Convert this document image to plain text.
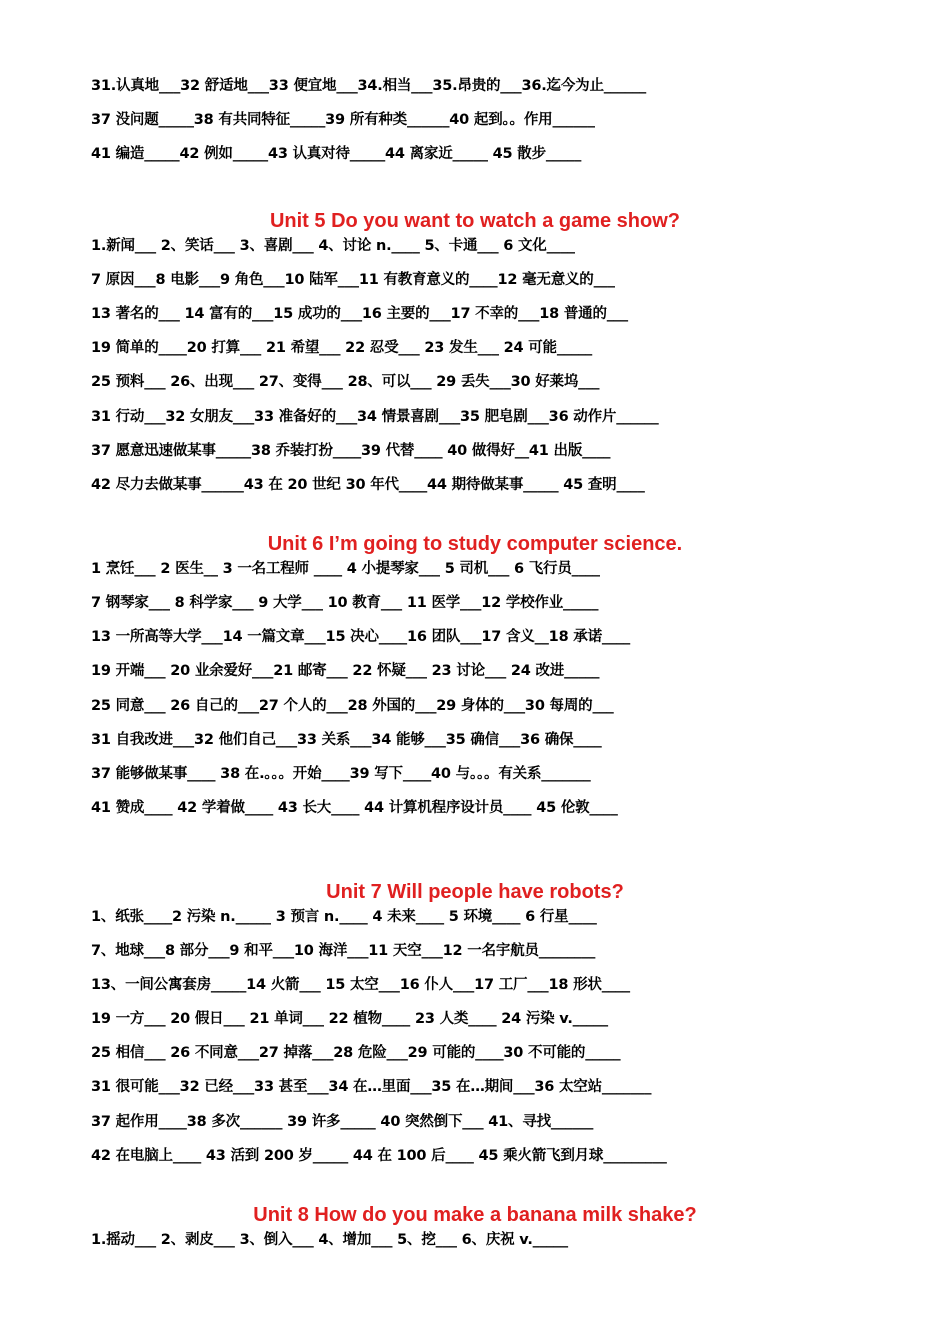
31.认真地___32 舒适地___33 便宜地___34.相当___35.昂贵的___36.迄今为止______
37 没问题_____38 有共同特征_____39 所有种类______40 起到。。作用______
41 编造_____42 例如_____43 认真对待_____44 离家近_____ 45 散步_____
Unit 5 Do you want to watch a game show?
1.新闻___ 2、笑话___ 3、喜剧___ 4、讨论 n.____ 5、卡通___ 6 文化____
7 原因___8 电影___9 角色___10 陆军___11 有教育意义的____12 毫无意义的___
13 著名的___ 14 富有的___15 成功的___16 主要的___17 不幸的___18 普通的___
19 简单的____20 打算___ 21 希望___ 22 忍受___ 23 发生___ 24 可能_____
25 预料___ 26、出现___ 27、变得___ 28、可以___ 29 丢失___30 好莱坞___
31 行动___32 女朋友___33 准备好的___34 情景喜剧___35 肥皂剧___36 动作片______
37 愿意迅速做某事_____38 乔装打扮____39 代替____ 40 做得好__41 出版____
42 尽力去做某事______43 在 20 世纪 30 年代____44 期待做某事_____ 45 查明____
Unit 6 I’m going to study computer science.
1 烹饪___ 2 医生__ 3 一名工程师 ____ 4 小提琴家___ 5 司机___ 6 飞行员____
7 钢琴家___ 8 科学家___ 9 大学___ 10 教育___ 11 医学___12 学校作业_____
13 一所高等大学___14 一篇文章___15 决心____16 团队___17 含义__18 承诺____
19 开端___ 20 业余爱好___21 邮寄___ 22 怀疑___ 23 讨论___ 24 改进_____
25 同意___ 26 自己的___27 个人的___28 外国的___29 身体的___30 每周的___
31 自我改进___32 他们自己___33 关系___34 能够___35 确信___36 确保____
37 能够做某事____ 38 在.。。。开始____39 写下____40 与。。。有关系_______
41 赞成____ 42 学着做____ 43 长大____ 44 计算机程序设计员____ 45 伦敦____
Unit 7 Will people have robots?
1、纸张____2 污染 n._____ 3 预言 n.____ 4 未来____ 5 环境____ 6 行星____
7、地球___8 部分___9 和平___10 海洋___11 天空___12 一名宇航员________
13、一间公寓套房_____14 火箭___ 15 太空___16 仆人___17 工厂___18 形状____
19 一方___ 20 假日___ 21 单词___ 22 植物____ 23 人类____ 24 污染 v._____
25 相信___ 26 不同意___27 掉落___28 危险___29 可能的____30 不可能的_____
31 很可能___32 已经___33 甚至___34 在…里面___35 在…期间___36 太空站_______
37 起作用____38 多次______ 39 许多_____ 40 突然倒下___ 41、寻找______
42 在电脑上____ 43 活到 200 岁_____ 44 在 100 后____ 45 乘火箭飞到月球_________
Unit 8 How do you make a banana milk shake?
1.摇动___ 2、剥皮___ 3、倒入___ 4、增加___ 5、挖___ 6、庆祝 v._____
